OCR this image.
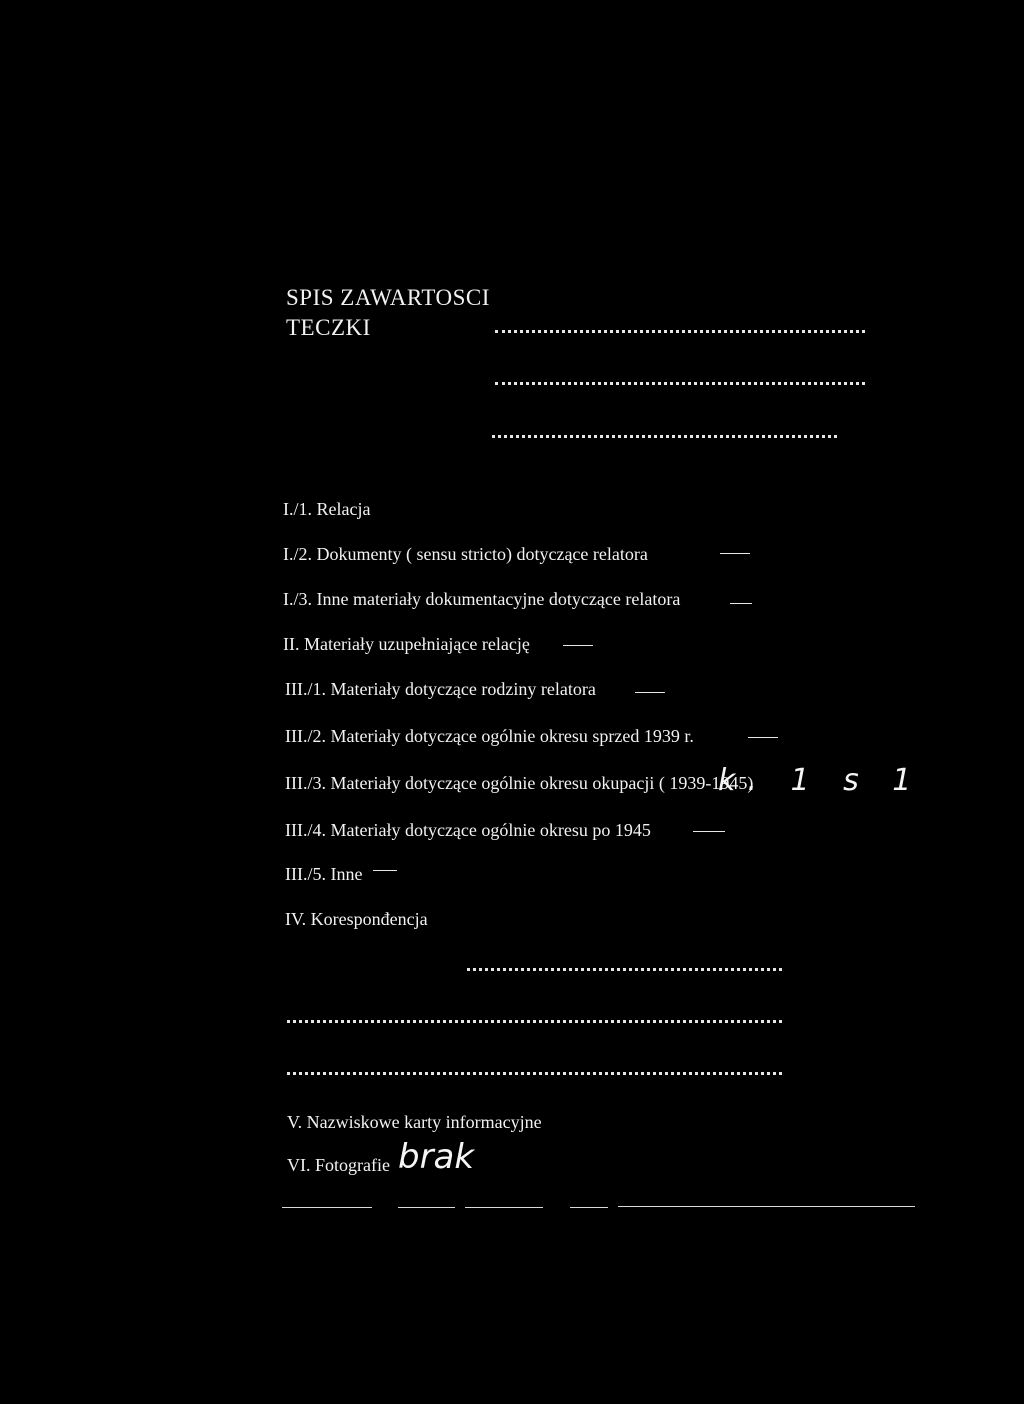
SPIS ZAWARTOSCI
TECZKI
I./1. Relacja
I./2. Dokumenty ( sensu stricto) dotyczące relatora
I./3. Inne materiały dokumentacyjne dotyczące relatora
II. Materiały uzupełniające relację
III./1. Materiały dotyczące rodziny relatora
III./2. Materiały dotyczące ogólnie okresu sprzed 1939 r.
III./3. Materiały dotyczące ogólnie okresu okupacji ( 1939-1945)
k. 1 s 1
III./4. Materiały dotyczące ogólnie okresu po 1945
III./5. Inne
IV. Koresponđencja
V. Nazwiskowe karty informacyjne
VI. Fotografie brak
